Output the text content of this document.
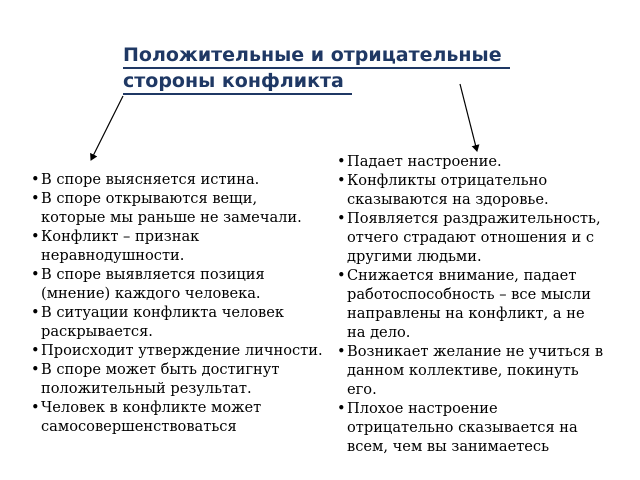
Положительные и отрицательные
стороны конфликта
• В споре выясняется истина.
• В споре открываются вещи, которые мы раньше не замечали.
• Конфликт – признак неравнодушности.
• В споре выявляется позиция (мнение) каждого человека.
• В ситуации конфликта человек раскрывается.
• Происходит утверждение личности.
• В споре может быть достигнут положительный результат.
• Человек в конфликте может самосовершенствоваться
• Падает настроение.
• Конфликты отрицательно сказываются на здоровье.
• Появляется раздражительность, отчего страдают отношения и с другими людьми.
• Снижается внимание, падает работоспособность – все мысли направлены на конфликт, а не на дело.
• Возникает желание не учиться в данном коллективе, покинуть его.
• Плохое настроение отрицательно сказывается на всем, чем вы занимаетесь
